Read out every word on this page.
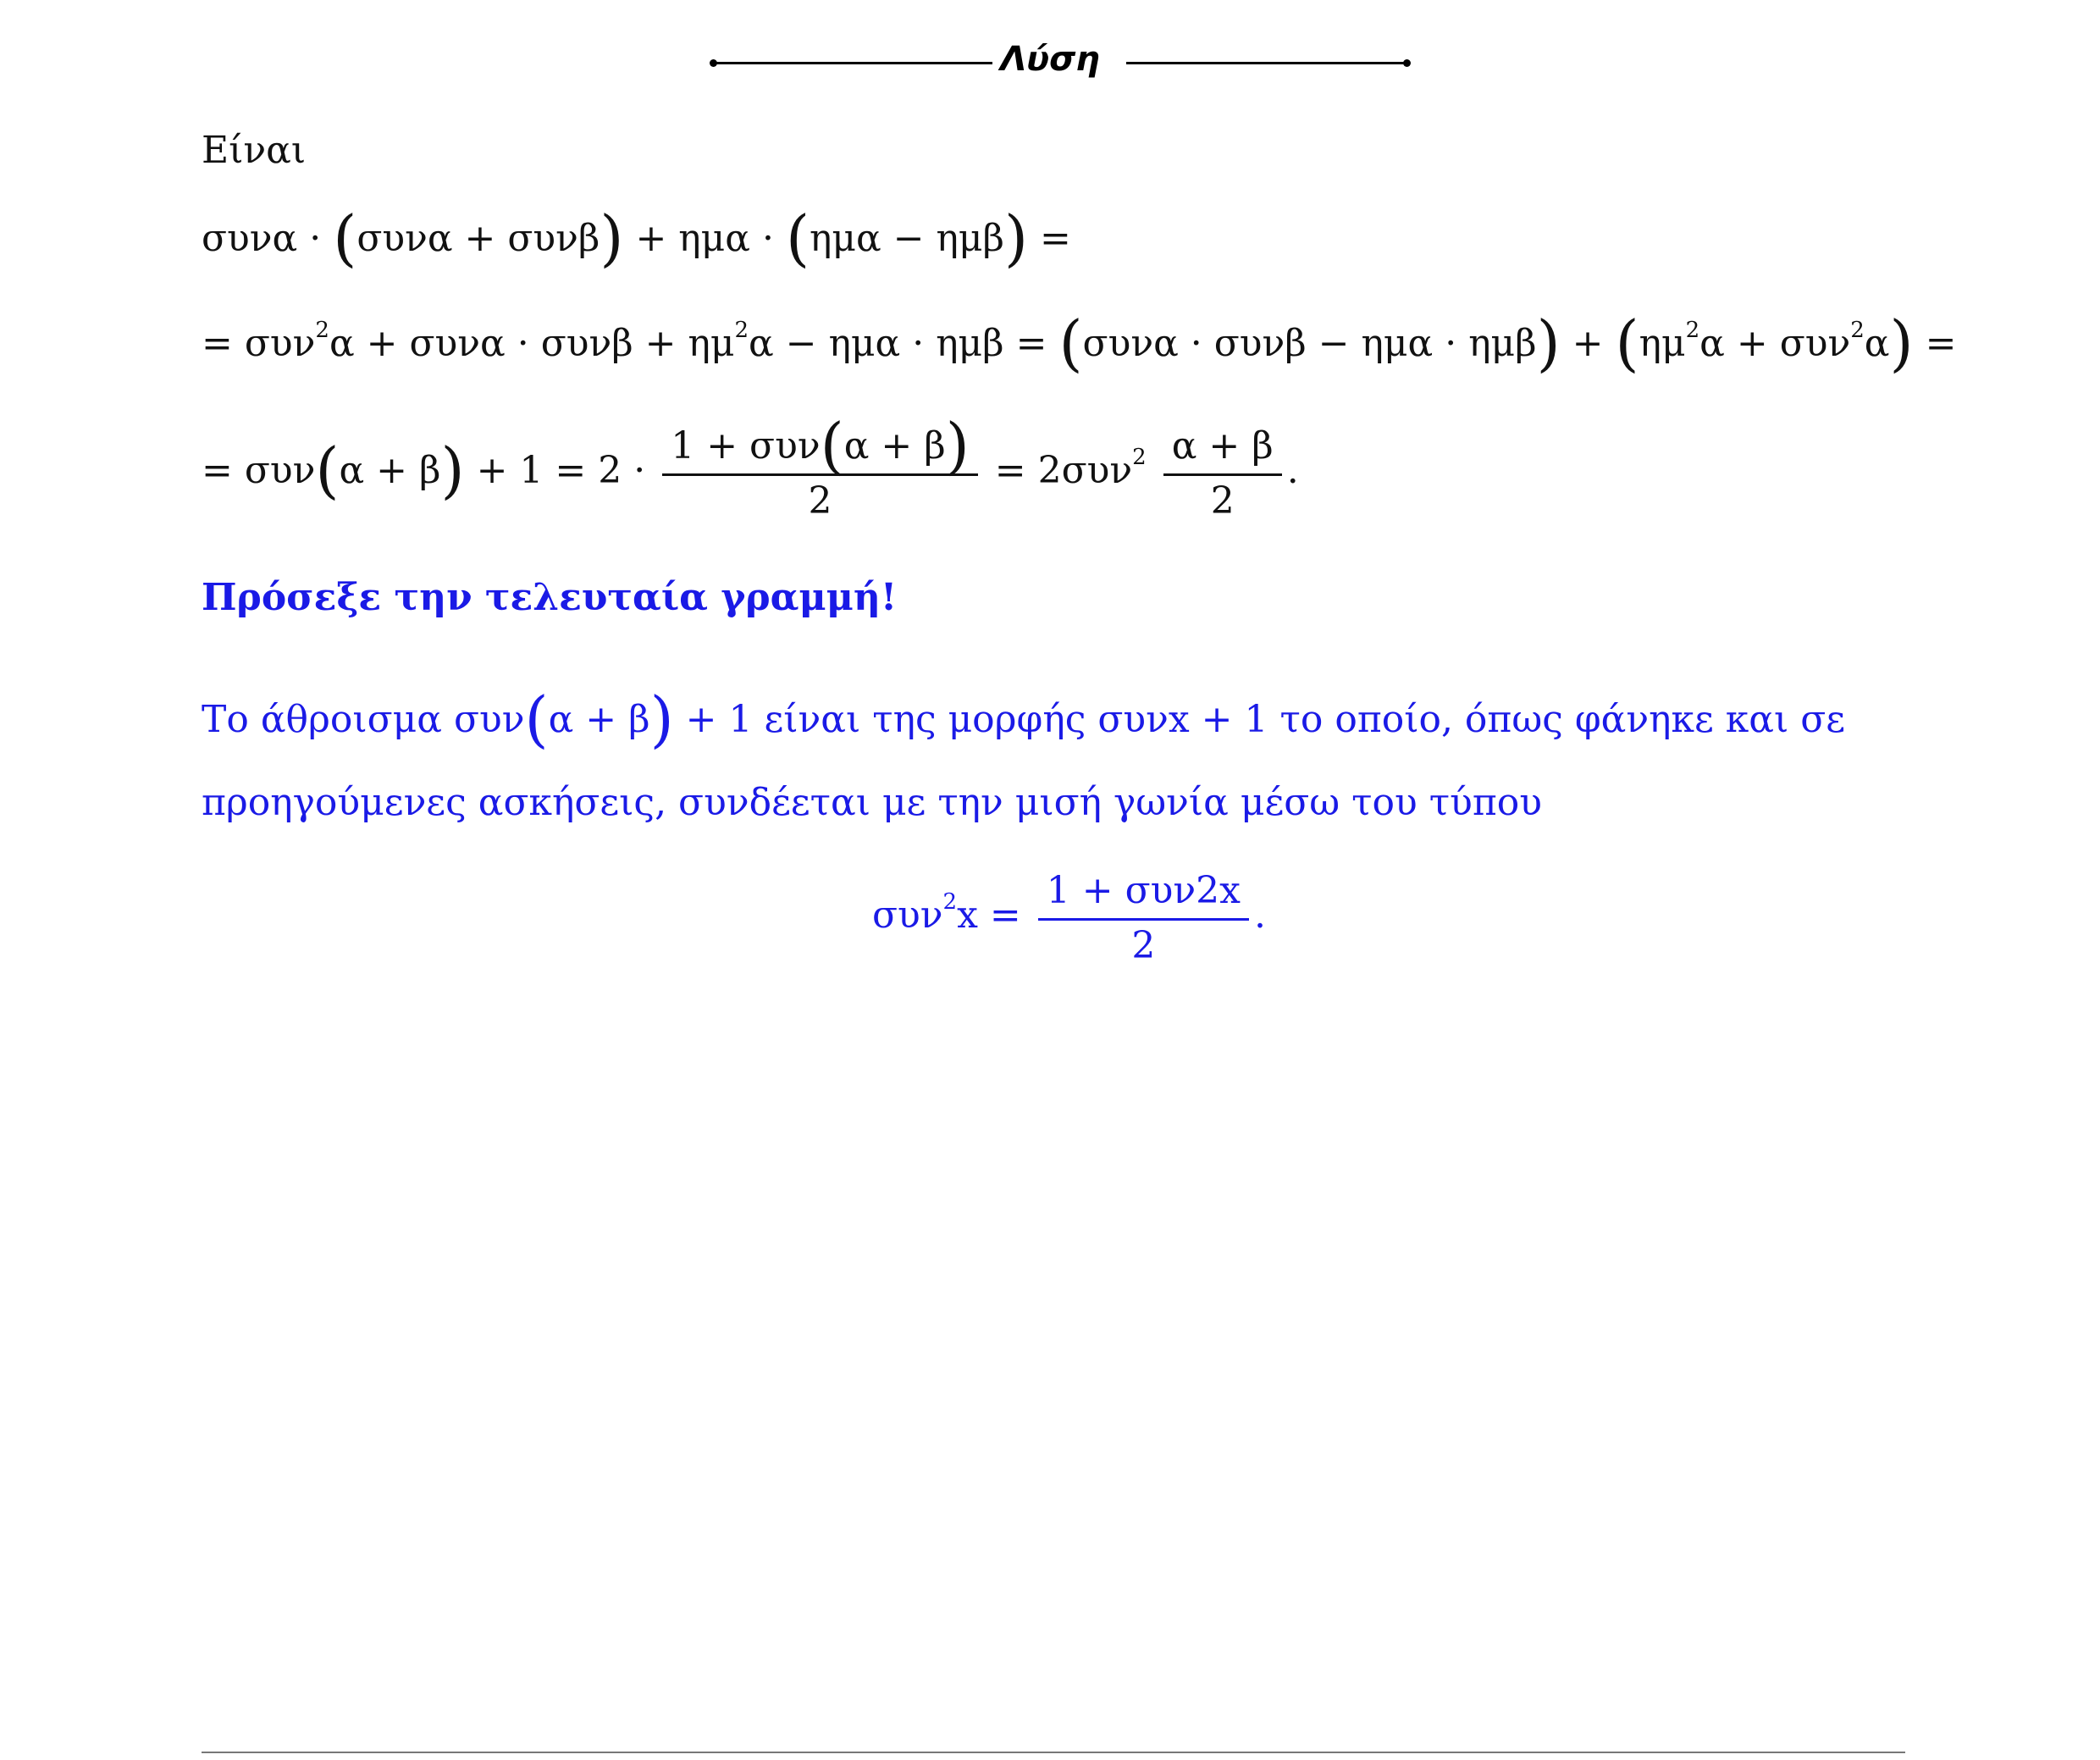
Λύση
Είναι
συνα · (συνα + συνβ) + ημα · (ημα − ημβ) =
= $\sigma\upsilon\nu^2\alpha + \sigma\upsilon\nu\alpha \cdot \sigma\upsilon\nu\beta + \eta\mu^2\alpha - \eta\mu\alpha \cdot \eta\mu\beta = (\sigma\upsilon\nu\alpha \cdot \sigma\upsilon\nu\beta - \eta\mu\alpha \cdot \eta\mu\beta) + (\eta\mu^2\alpha + \sigma\upsilon\nu^2\alpha)$ =
= $\sigma\upsilon\nu(\alpha + \beta) + 1 = 2 \cdot \frac{\text{1 + συν(α + β)}}{2} = 2\sigma\upsilon\nu^2 \frac{\alpha + \beta}{2}$ .
Πρόσεξε την τελευταία γραμμή!
Το άθροισμα συν(α + β) + 1 είναι της μορφής συνx + 1 το οποίο, όπως φάνηκε και σε
προηγούμενες ασκήσεις, συνδέεται με την μισή γωνία μέσω του τύπου
$\sigma\upsilon\nu^2x = \frac{\text{1 + συν2x}}{2}$ .
